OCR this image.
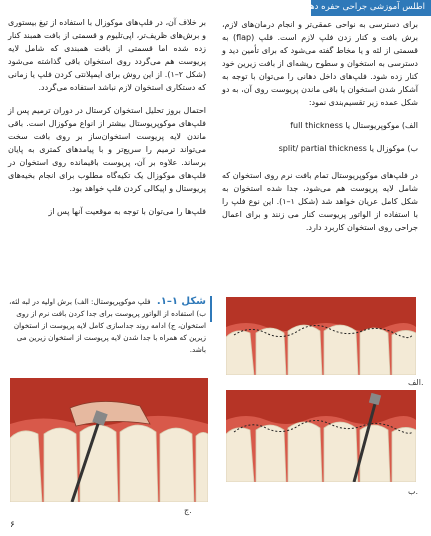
اطلس آموزشی جراحی حفره دهان

برای دسترسی به نواحی عمقی‌تر و انجام درمان‌های لازم، برش بافت و کنار زدن فلپ لازم است. فلپ (flap) به قسمتی از لثه و یا مخاط گفته می‌شود که برای تأمین دید و دسترسی به استخوان و سطوح ریشه‌ای از بافت زیرین خود کنار زده شود. فلپ‌های داخل دهانی را می‌توان با توجه به آشکار شدن استخوان یا باقی ماندن پریوست روی آن، به دو شکل عمده زیر تقسیم‌بندی نمود:

الف) موکوپریوستال یا full thickness

ب) موکوزال یا split/ partial thickness

در فلپ‌های موکوپریوستال تمام بافت نرم روی استخوان که شامل لایه پریوست هم می‌شود، جدا شده استخوان به شکل کامل عریان خواهد شد (شکل ۱–۱). این نوع فلپ را با استفاده از الواتور پریوست کنار می زنند و برای اعمال جراحی روی استخوان کاربرد دارد.

بر خلاف آن، در فلپ‌های موکوزال با استفاده از تیغ بیستوری و برش‌های ظریف‌تر، اپی‌تلیوم و قسمتی از بافت همبند کنار زده شده اما قسمتی از بافت همبندی که شامل لایه پریوست هم می‌گردد روی استخوان باقی گذاشته می‌شود (شکل ۲–۱). از این روش برای ایمپلانتی کردن فلپ یا زمانی که دستکاری استخوان لازم نباشد استفاده می‌گردد.

احتمال بروز تحلیل استخوان کرستال در دوران ترمیم پس از فلپ‌های موکوپریوستال بیشتر از انواع موکوزال است. باقی ماندن لایه پریوست استخوان‌ساز بر روی بافت سخت می‌تواند ترمیم را سریع‌تر و با پیامدهای کمتری به پایان برساند. علاوه بر آن، پریوست باقیمانده روی استخوان در فلپ‌های موکوزال یک تکیه‌گاه مطلوب برای انجام بخیه‌های پریوستال و اپیکالی کردن فلپ خواهد بود.

فلپ‌ها را می‌توان با توجه به موقعیت آنها پس از

شکل ۱–۱. فلپ موکوپریوستال: الف) برش اولیه در لبه لثه، ب) استفاده از الواتور پریوست برای جدا کردن بافت نرم از روی استخوان، ج) ادامه روند جداسازی کامل لایه پریوست از استخوان زیرین که همراه با جدا شدن لایه پریوست از استخوان زیرین می باشد.
الف.
ب.
ج.
۶
